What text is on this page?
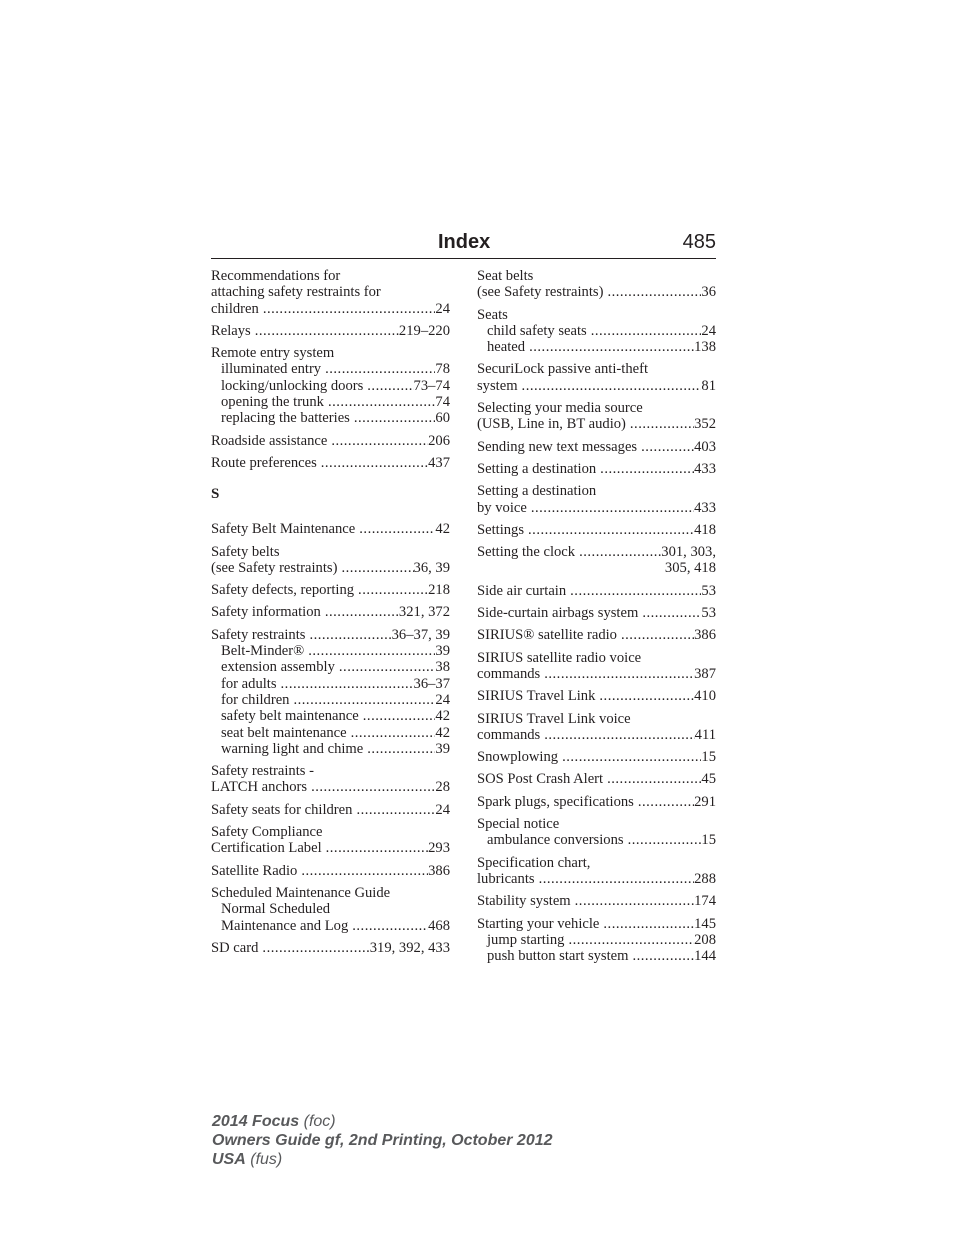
Index	485
Recommendations for
attaching safety restraints for
children .....	24
Relays .....	219–220
Remote entry system
illuminated entry .....	78
locking/unlocking doors .....	73–74
opening the trunk .....	74
replacing the batteries .....	60
Roadside assistance .....	206
Route preferences .....	437
S
Safety Belt Maintenance .....	42
Safety belts
(see Safety restraints) .....	36, 39
Safety defects, reporting .....	218
Safety information .....	321, 372
Safety restraints .....	36–37, 39
Belt-Minder® .....	39
extension assembly .....	38
for adults .....	36–37
for children .....	24
safety belt maintenance .....	42
seat belt maintenance .....	42
warning light and chime .....	39
Safety restraints -
LATCH anchors .....	28
Safety seats for children .....	24
Safety Compliance
Certification Label .....	293
Satellite Radio .....	386
Scheduled Maintenance Guide
Normal Scheduled
Maintenance and Log .....	468
SD card .....	319, 392, 433
Seat belts
(see Safety restraints) .....	36
Seats
child safety seats .....	24
heated .....	138
SecuriLock passive anti-theft
system .....	81
Selecting your media source
(USB, Line in, BT audio) .....	352
Sending new text messages .....	403
Setting a destination .....	433
Setting a destination
by voice .....	433
Settings .....	418
Setting the clock .....	301, 303,
305, 418
Side air curtain .....	53
Side-curtain airbags system .....	53
SIRIUS® satellite radio .....	386
SIRIUS satellite radio voice
commands .....	387
SIRIUS Travel Link .....	410
SIRIUS Travel Link voice
commands .....	411
Snowplowing .....	15
SOS Post Crash Alert .....	45
Spark plugs, specifications .....	291
Special notice
ambulance conversions .....	15
Specification chart,
lubricants .....	288
Stability system .....	174
Starting your vehicle .....	145
jump starting .....	208
push button start system .....	144
2014 Focus (foc)
Owners Guide gf, 2nd Printing, October 2012
USA (fus)
